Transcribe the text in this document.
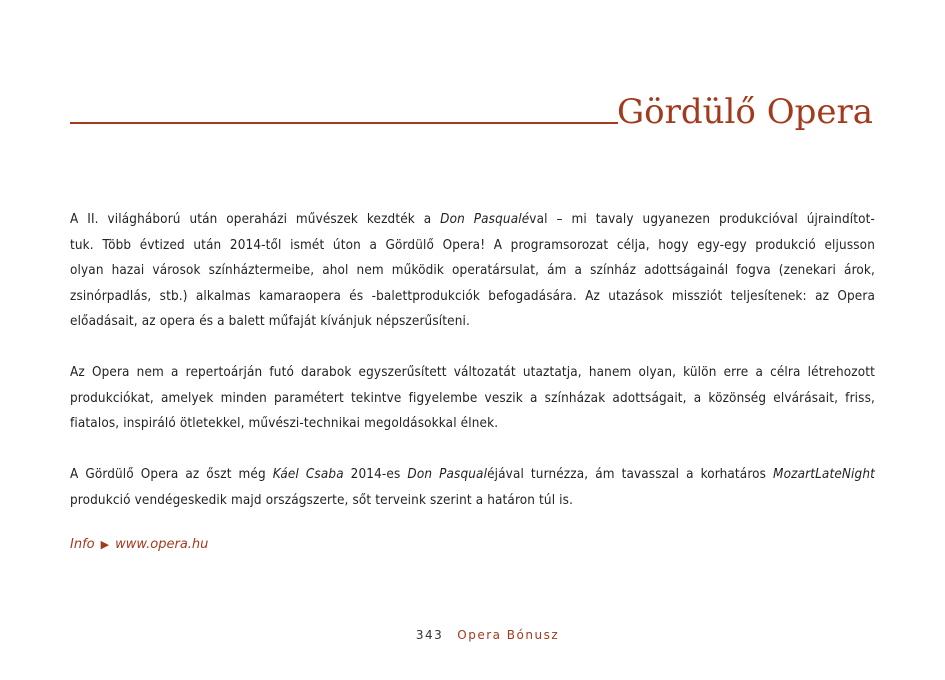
Gördülő Opera
A II. világháború után operaházi művészek kezdték a Don Pasqualéval – mi tavaly ugyanezen produkcióval újraindítot-
tuk. Több évtized után 2014-től ismét úton a Gördülő Opera! A programsorozat célja, hogy egy-egy produkció eljusson
olyan hazai városok színháztermeibe, ahol nem működik operatársulat, ám a színház adottságainál fogva (zenekari árok,
zsinórpadlás, stb.) alkalmas kamaraopera és -balettprodukciók befogadására. Az utazások missziót teljesítenek: az Opera
előadásait, az opera és a balett műfaját kívánjuk népszerűsíteni.
Az Opera nem a repertoárján futó darabok egyszerűsített változatát utaztatja, hanem olyan, külön erre a célra létrehozott
produkciókat, amelyek minden paramétert tekintve figyelembe veszik a színházak adottságait, a közönség elvárásait, friss,
fiatalos, inspiráló ötletekkel, művészi-technikai megoldásokkal élnek.
A Gördülő Opera az őszt még Káel Csaba 2014-es Don Pasqualéjával turnézza, ám tavasszal a korhatáros MozartLateNight
produkció vendégeskedik majd országszerte, sőt terveink szerint a határon túl is.
Info ▶ www.opera.hu
343 Opera Bónusz
